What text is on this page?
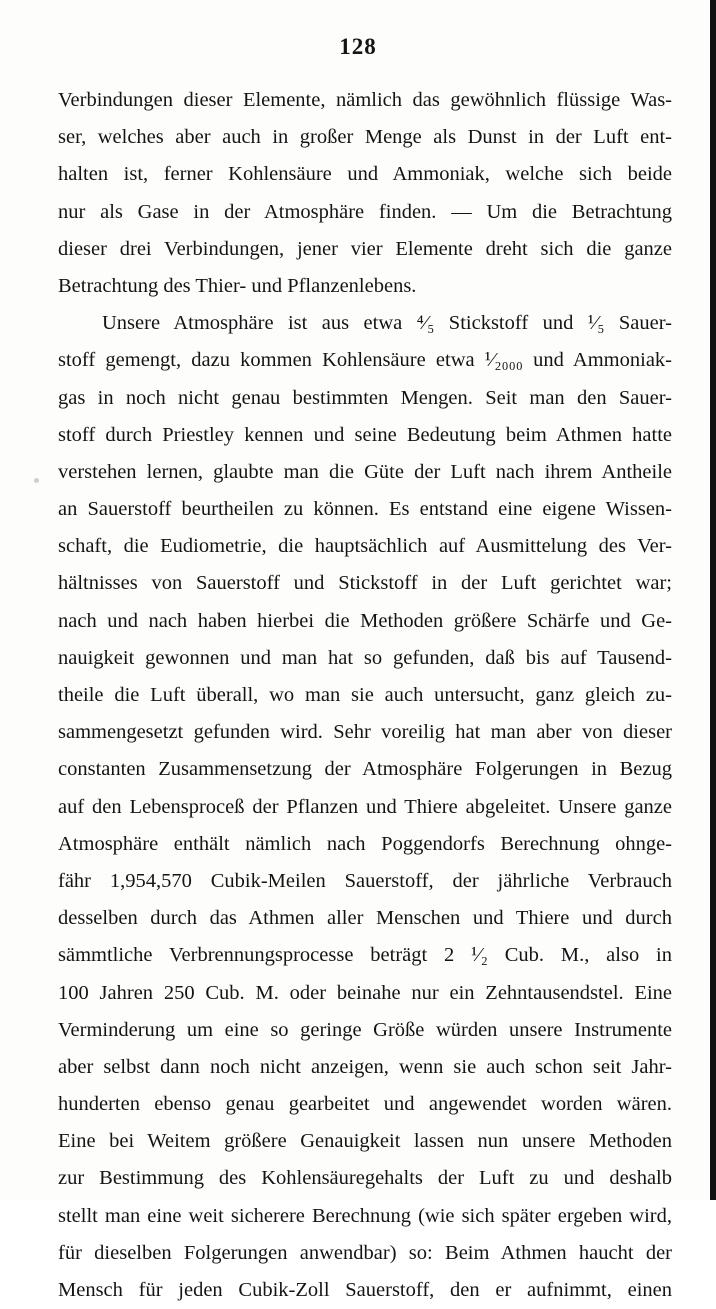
128
Verbindungen dieser Elemente, nämlich das gewöhnlich flüssige Was-
ser, welches aber auch in großer Menge als Dunst in der Luft ent-
halten ist, ferner Kohlensäure und Ammoniak, welche sich beide
nur als Gase in der Atmosphäre finden. — Um die Betrachtung
dieser drei Verbindungen, jener vier Elemente dreht sich die ganze
Betrachtung des Thier- und Pflanzenlebens.
Unsere Atmosphäre ist aus etwa ⁴⁄₅ Stickstoff und ¹⁄₅ Sauer-
stoff gemengt, dazu kommen Kohlensäure etwa ¹⁄₂₀₀₀ und Ammoniak-
gas in noch nicht genau bestimmten Mengen. Seit man den Sauer-
stoff durch Priestley kennen und seine Bedeutung beim Athmen hatte
verstehen lernen, glaubte man die Güte der Luft nach ihrem Antheile
an Sauerstoff beurtheilen zu können. Es entstand eine eigene Wissen-
schaft, die Eudiometrie, die hauptsächlich auf Ausmittelung des Ver-
hältnisses von Sauerstoff und Stickstoff in der Luft gerichtet war;
nach und nach haben hierbei die Methoden größere Schärfe und Ge-
nauigkeit gewonnen und man hat so gefunden, daß bis auf Tausend-
theile die Luft überall, wo man sie auch untersucht, ganz gleich zu-
sammengesetzt gefunden wird. Sehr voreilig hat man aber von dieser
constanten Zusammensetzung der Atmosphäre Folgerungen in Bezug
auf den Lebensproceß der Pflanzen und Thiere abgeleitet. Unsere ganze
Atmosphäre enthält nämlich nach Poggendorfs Berechnung ohnge-
fähr 1,954,570 Cubik-Meilen Sauerstoff, der jährliche Verbrauch
desselben durch das Athmen aller Menschen und Thiere und durch
sämmtliche Verbrennungsprocesse beträgt 2 ¹⁄₂ Cub. M., also in
100 Jahren 250 Cub. M. oder beinahe nur ein Zehntausendstel. Eine
Verminderung um eine so geringe Größe würden unsere Instrumente
aber selbst dann noch nicht anzeigen, wenn sie auch schon seit Jahr-
hunderten ebenso genau gearbeitet und angewendet worden wären.
Eine bei Weitem größere Genauigkeit lassen nun unsere Methoden
zur Bestimmung des Kohlensäuregehalts der Luft zu und deshalb
stellt man eine weit sicherere Berechnung (wie sich später ergeben wird,
für dieselben Folgerungen anwendbar) so: Beim Athmen haucht der
Mensch für jeden Cubik-Zoll Sauerstoff, den er aufnimmt, einen
